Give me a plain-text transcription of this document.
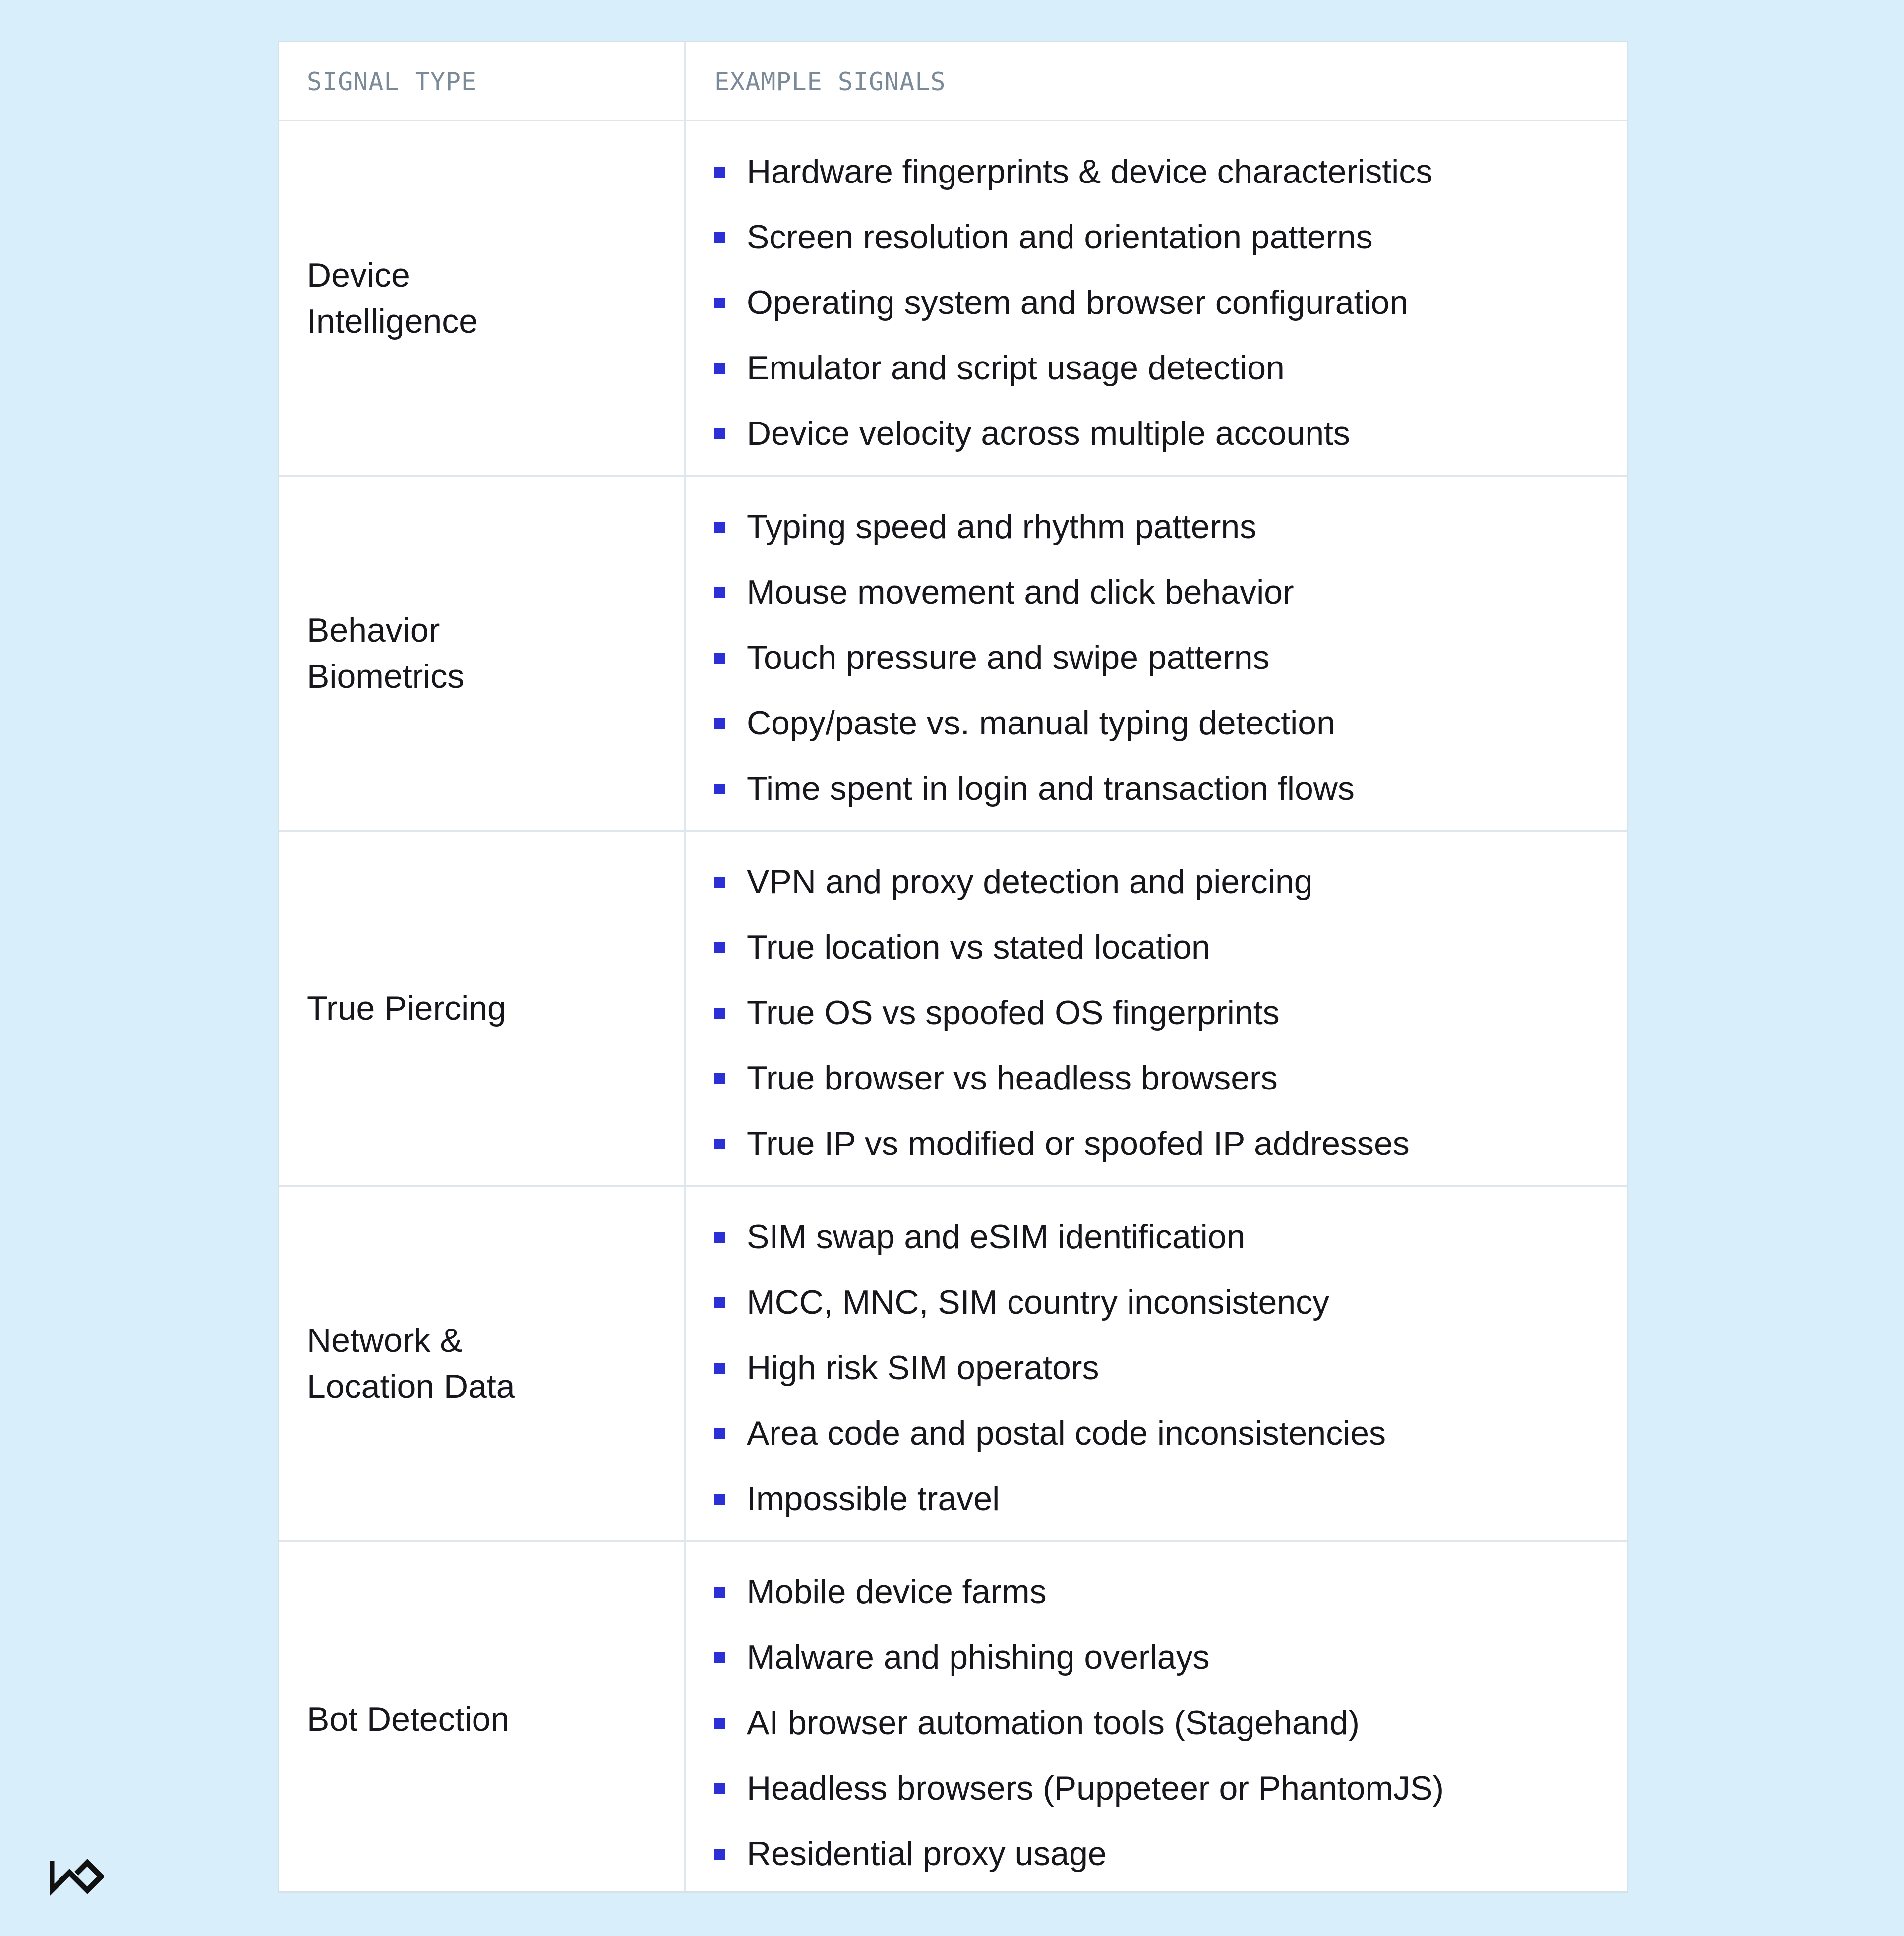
SIGNAL TYPE	EXAMPLE SIGNALS
Device
Intelligence
Hardware fingerprints & device characteristics
Screen resolution and orientation patterns
Operating system and browser configuration
Emulator and script usage detection
Device velocity across multiple accounts
Behavior
Biometrics
Typing speed and rhythm patterns
Mouse movement and click behavior
Touch pressure and swipe patterns
Copy/paste vs. manual typing detection
Time spent in login and transaction flows
True Piercing
VPN and proxy detection and piercing
True location vs stated location
True OS vs spoofed OS fingerprints
True browser vs headless browsers
True IP vs modified or spoofed IP addresses
Network &
Location Data
SIM swap and eSIM identification
MCC, MNC, SIM country inconsistency
High risk SIM operators
Area code and postal code inconsistencies
Impossible travel
Bot Detection
Mobile device farms
Malware and phishing overlays
AI browser automation tools (Stagehand)
Headless browsers (Puppeteer or PhantomJS)
Residential proxy usage
